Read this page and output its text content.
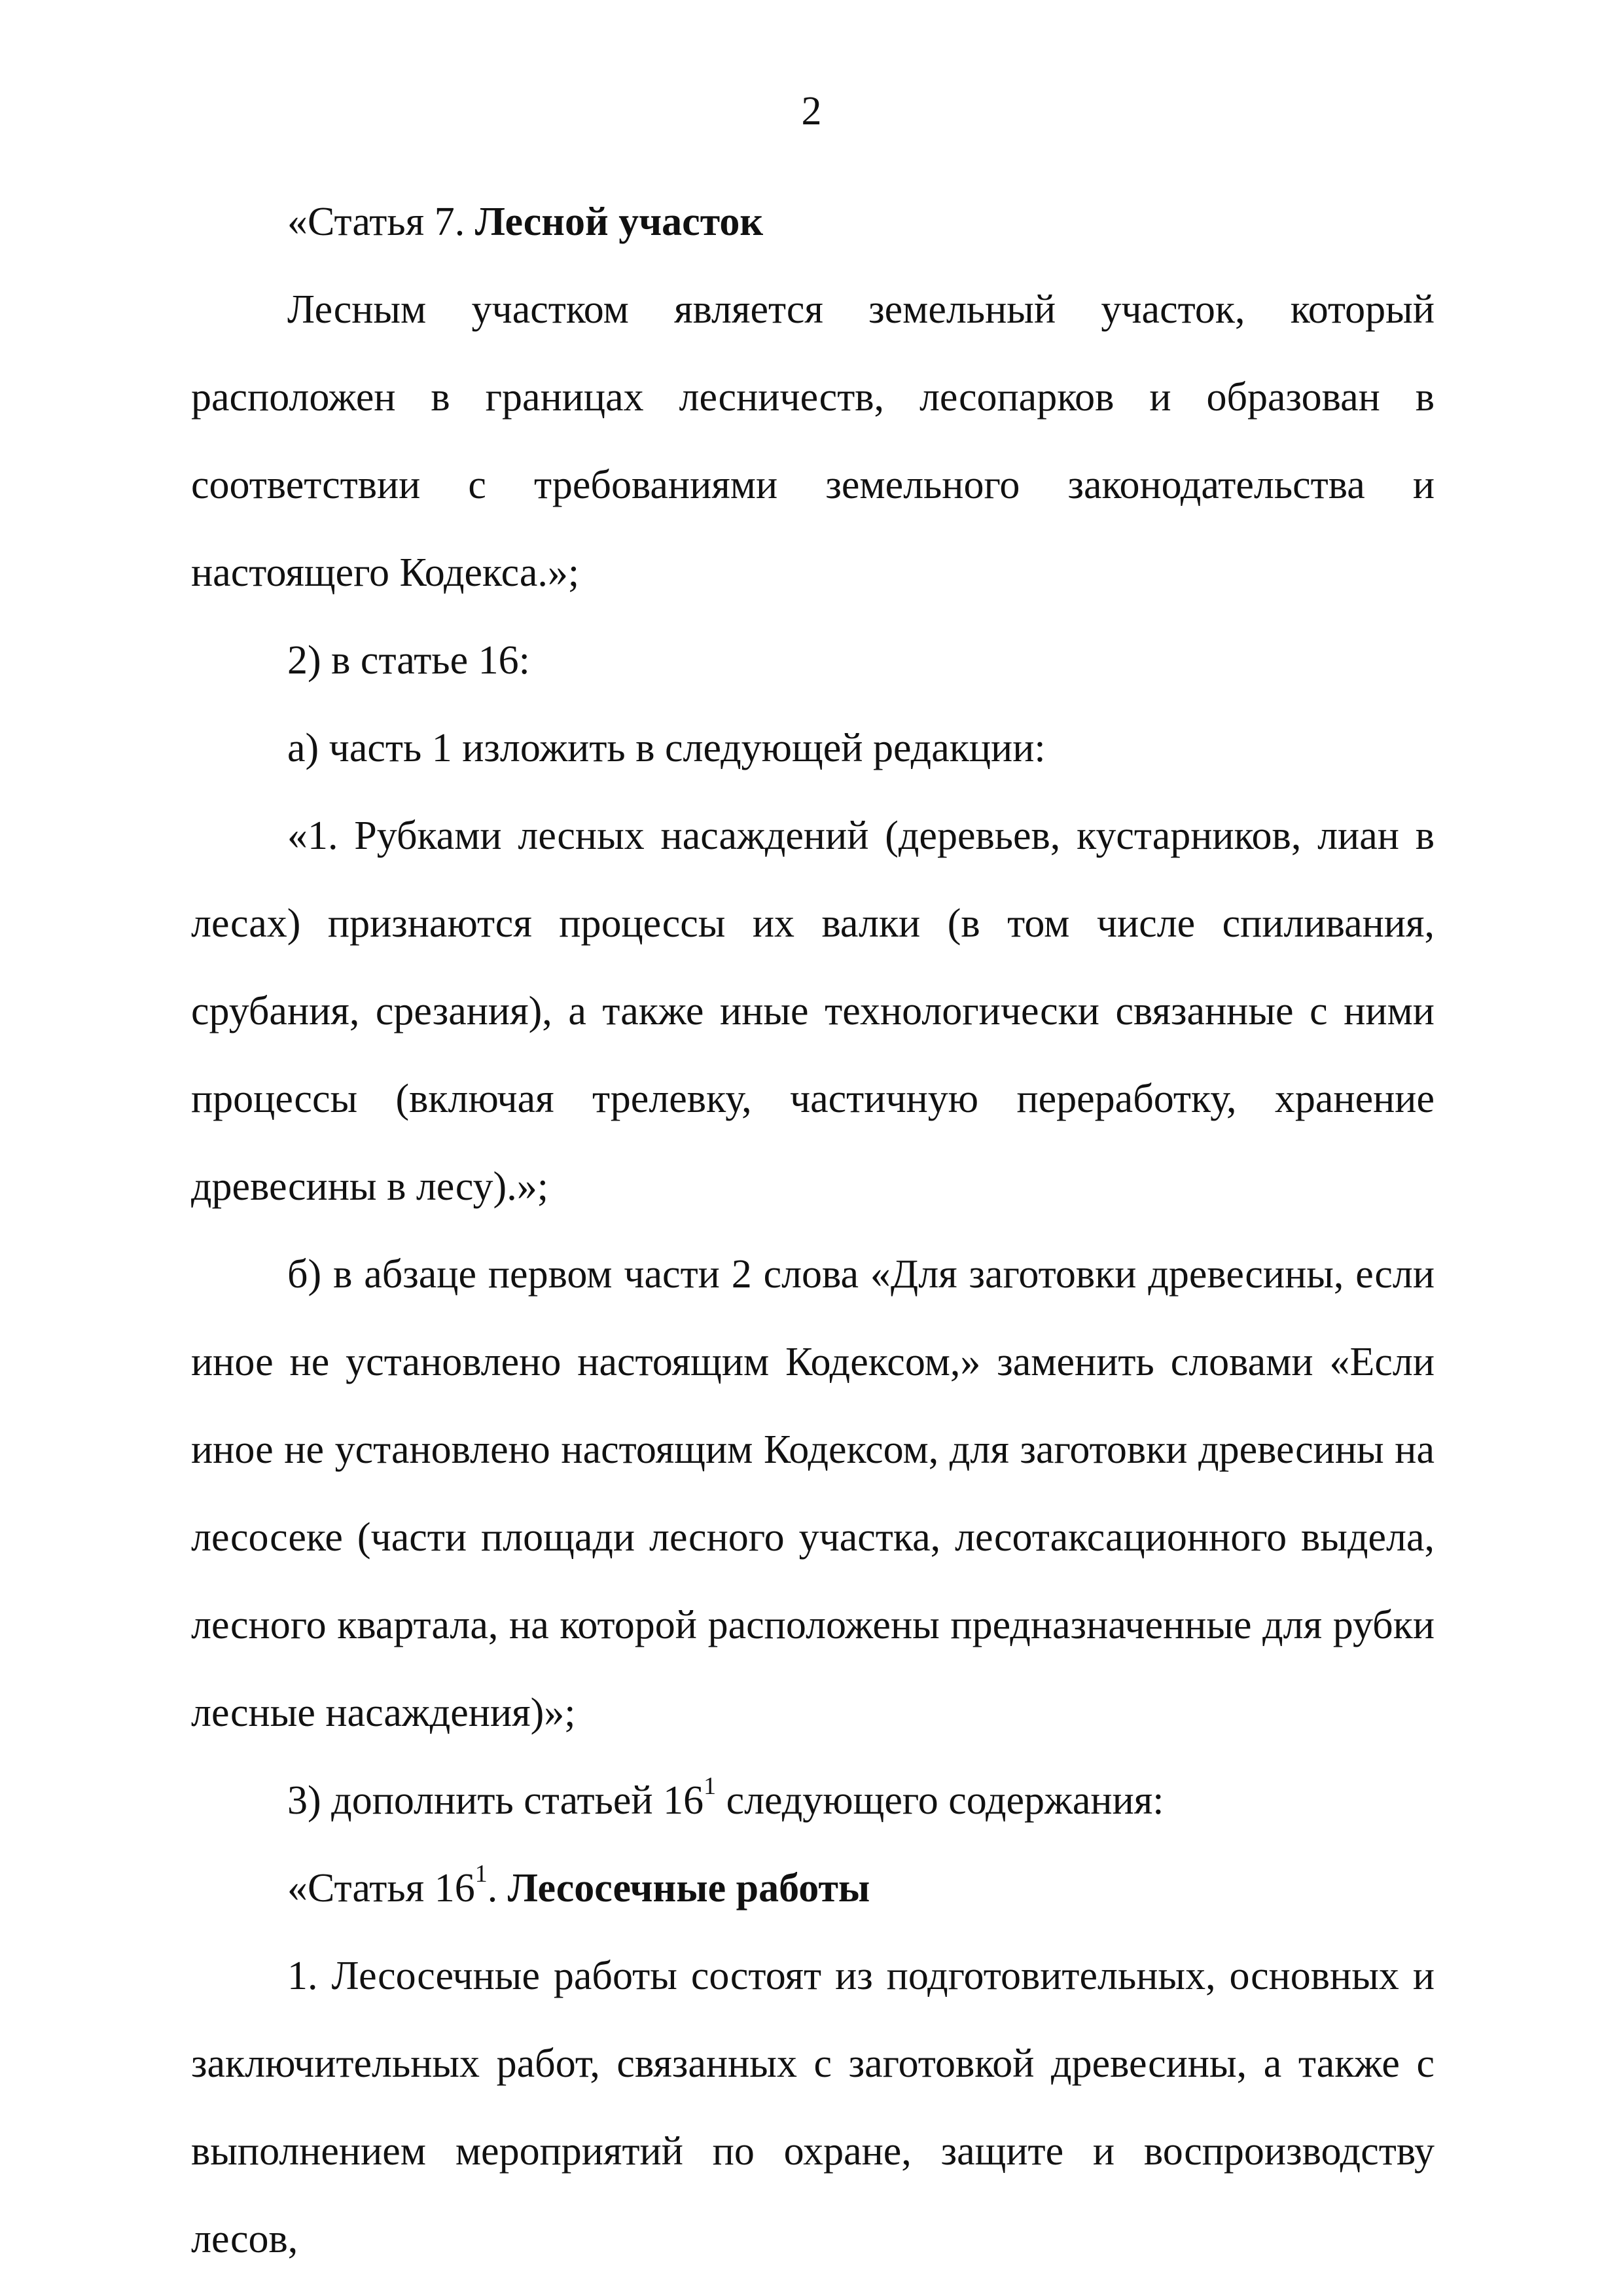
2

«Статья 7. Лесной участок

Лесным участком является земельный участок, который расположен в границах лесничеств, лесопарков и образован в соответствии с требованиями земельного законодательства и настоящего Кодекса.»;

2) в статье 16:

а) часть 1 изложить в следующей редакции:

«1. Рубками лесных насаждений (деревьев, кустарников, лиан в лесах) признаются процессы их валки (в том числе спиливания, срубания, срезания), а также иные технологически связанные с ними процессы (включая трелевку, частичную переработку, хранение древесины в лесу).»;

б) в абзаце первом части 2 слова «Для заготовки древесины, если иное не установлено настоящим Кодексом,» заменить словами «Если иное не установлено настоящим Кодексом, для заготовки древесины на лесосеке (части площади лесного участка, лесотаксационного выдела, лесного квартала, на которой расположены предназначенные для рубки лесные насаждения)»;

3) дополнить статьей $16^1$ следующего содержания:

«Статья $16^1$. Лесосечные работы

1. Лесосечные работы состоят из подготовительных, основных и заключительных работ, связанных с заготовкой древесины, а также с выполнением мероприятий по охране, защите и воспроизводству лесов,
